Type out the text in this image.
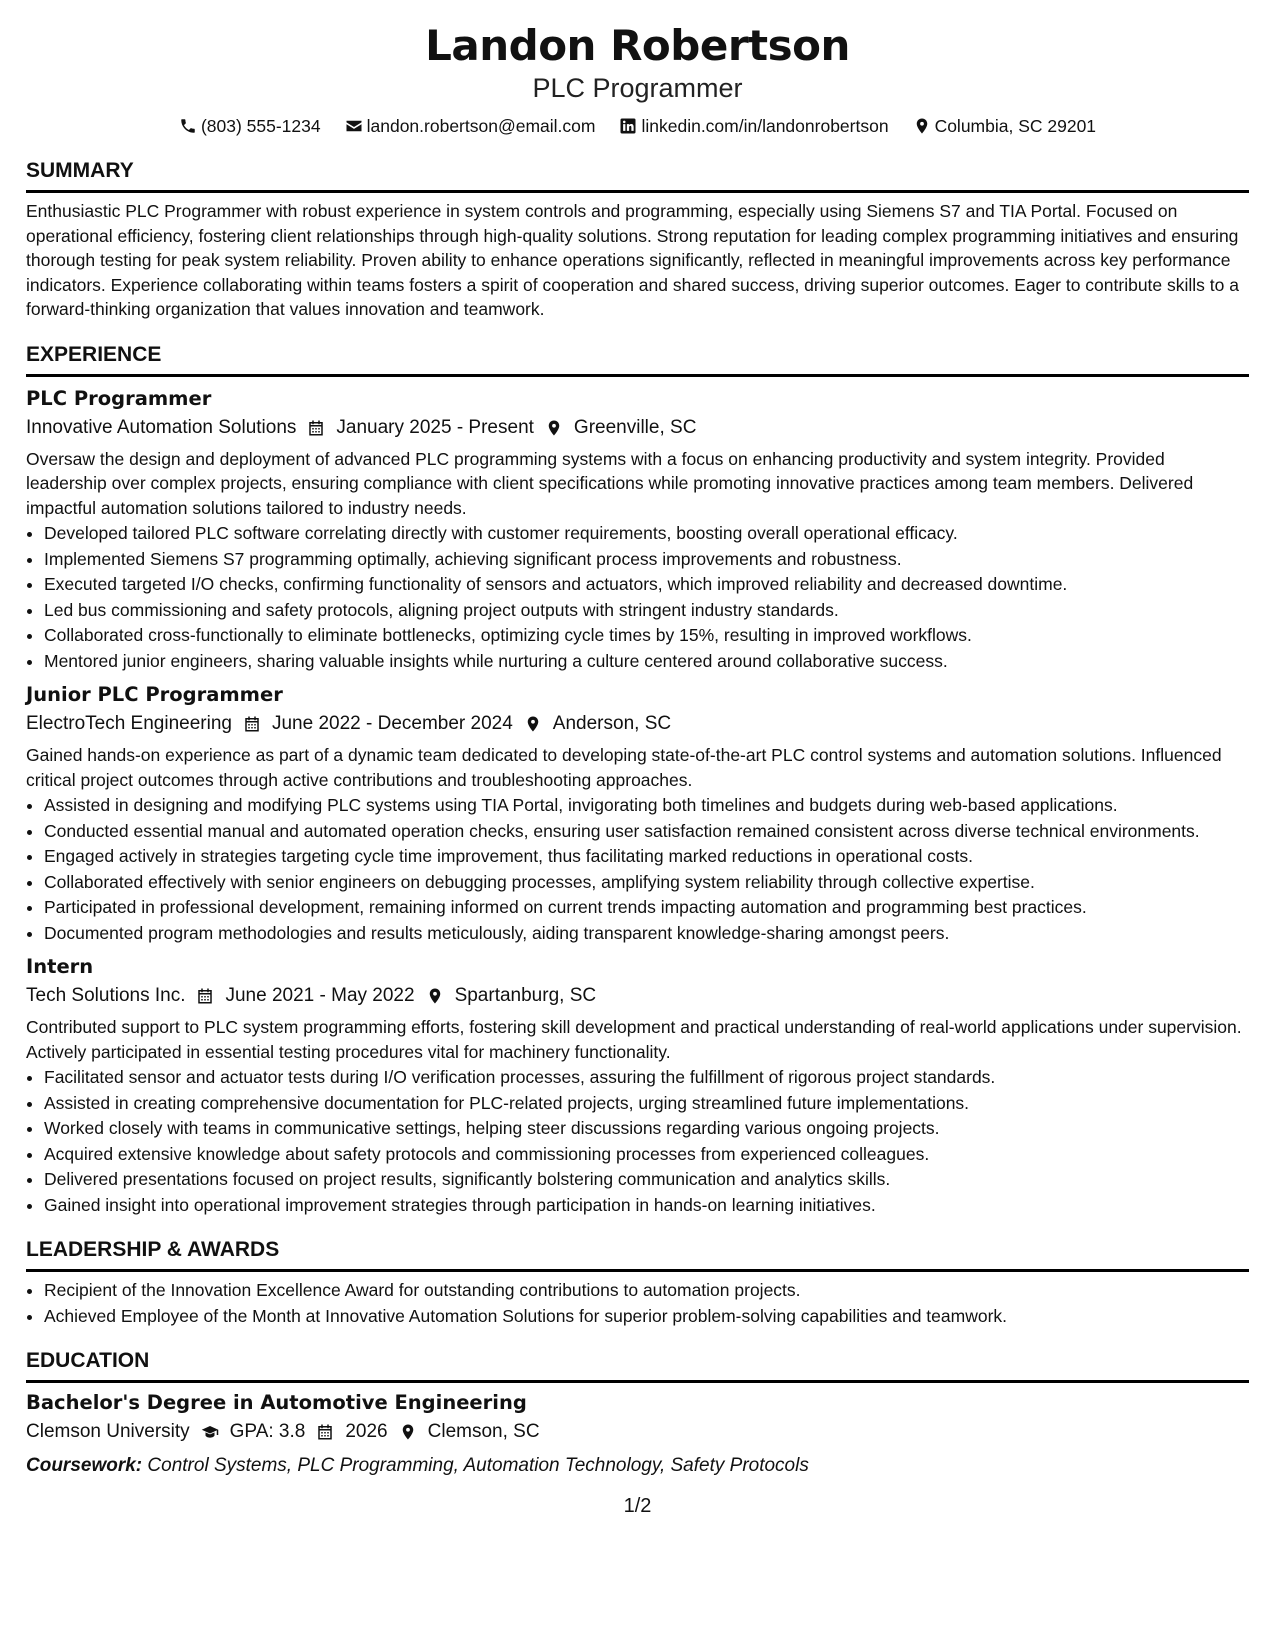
Landon Robertson
PLC Programmer
(803) 555-1234	landon.robertson@email.com	linkedin.com/in/landonrobertson	Columbia, SC 29201
SUMMARY

Enthusiastic PLC Programmer with robust experience in system controls and programming, especially using Siemens S7 and TIA Portal. Focused on operational efficiency, fostering client relationships through high-quality solutions. Strong reputation for leading complex programming initiatives and ensuring thorough testing for peak system reliability. Proven ability to enhance operations significantly, reflected in meaningful improvements across key performance indicators. Experience collaborating within teams fosters a spirit of cooperation and shared success, driving superior outcomes. Eager to contribute skills to a forward-thinking organization that values innovation and teamwork.

EXPERIENCE
PLC Programmer
Innovative Automation Solutions January 2025 - Present Greenville, SC

Oversaw the design and deployment of advanced PLC programming systems with a focus on enhancing productivity and system integrity. Provided leadership over complex projects, ensuring compliance with client specifications while promoting innovative practices among team members. Delivered impactful automation solutions tailored to industry needs.

• Developed tailored PLC software correlating directly with customer requirements, boosting overall operational efficacy.
• Implemented Siemens S7 programming optimally, achieving significant process improvements and robustness.
• Executed targeted I/O checks, confirming functionality of sensors and actuators, which improved reliability and decreased downtime.
• Led bus commissioning and safety protocols, aligning project outputs with stringent industry standards.
• Collaborated cross-functionally to eliminate bottlenecks, optimizing cycle times by 15%, resulting in improved workflows.
• Mentored junior engineers, sharing valuable insights while nurturing a culture centered around collaborative success.
Junior PLC Programmer
ElectroTech Engineering June 2022 - December 2024 Anderson, SC

Gained hands-on experience as part of a dynamic team dedicated to developing state-of-the-art PLC control systems and automation solutions. Influenced critical project outcomes through active contributions and troubleshooting approaches.

• Assisted in designing and modifying PLC systems using TIA Portal, invigorating both timelines and budgets during web-based applications.
• Conducted essential manual and automated operation checks, ensuring user satisfaction remained consistent across diverse technical environments.
• Engaged actively in strategies targeting cycle time improvement, thus facilitating marked reductions in operational costs.
• Collaborated effectively with senior engineers on debugging processes, amplifying system reliability through collective expertise.
• Participated in professional development, remaining informed on current trends impacting automation and programming best practices.
• Documented program methodologies and results meticulously, aiding transparent knowledge-sharing amongst peers.
Intern
Tech Solutions Inc. June 2021 - May 2022 Spartanburg, SC

Contributed support to PLC system programming efforts, fostering skill development and practical understanding of real-world applications under supervision. Actively participated in essential testing procedures vital for machinery functionality.

• Facilitated sensor and actuator tests during I/O verification processes, assuring the fulfillment of rigorous project standards.
• Assisted in creating comprehensive documentation for PLC-related projects, urging streamlined future implementations.
• Worked closely with teams in communicative settings, helping steer discussions regarding various ongoing projects.
• Acquired extensive knowledge about safety protocols and commissioning processes from experienced colleagues.
• Delivered presentations focused on project results, significantly bolstering communication and analytics skills.
• Gained insight into operational improvement strategies through participation in hands-on learning initiatives.
LEADERSHIP & AWARDS
• Recipient of the Innovation Excellence Award for outstanding contributions to automation projects.
• Achieved Employee of the Month at Innovative Automation Solutions for superior problem-solving capabilities and teamwork.
EDUCATION
Bachelor's Degree in Automotive Engineering
Clemson University GPA: 3.8 2026 Clemson, SC
Coursework: Control Systems, PLC Programming, Automation Technology, Safety Protocols
1/2
